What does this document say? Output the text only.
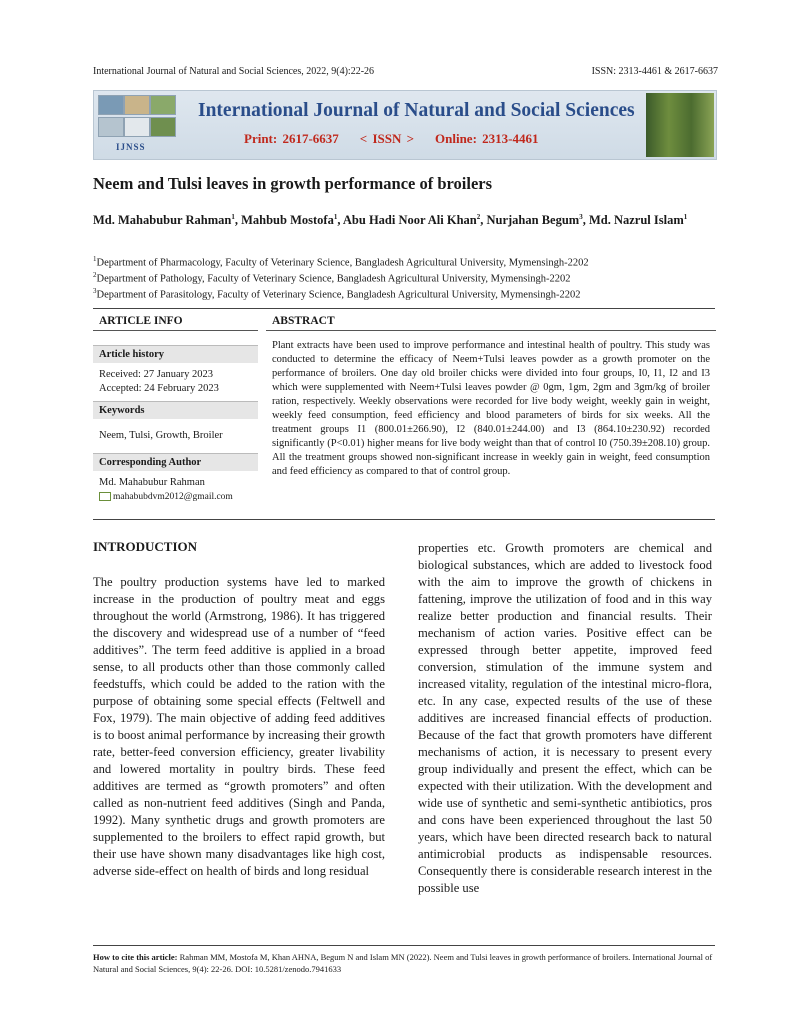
International Journal of Natural and Social Sciences, 2022, 9(4):22-26	ISSN: 2313-4461 & 2617-6637
IJNSS
International Journal of Natural and Social Sciences
Print: 2617-6637    < ISSN >    Online: 2313-4461
Neem and Tulsi leaves in growth performance of broilers
Md. Mahabubur Rahman$^1$, Mahbub Mostofa$^1$, Abu Hadi Noor Ali Khan$^2$, Nurjahan Begum$^3$, Md. Nazrul Islam$^1$
$^1$Department of Pharmacology, Faculty of Veterinary Science, Bangladesh Agricultural University, Mymensingh-2202
$^2$Department of Pathology, Faculty of Veterinary Science, Bangladesh Agricultural University, Mymensingh-2202
$^3$Department of Parasitology, Faculty of Veterinary Science, Bangladesh Agricultural University, Mymensingh-2202
ARTICLE INFO
Article history
Received: 27 January 2023
Accepted: 24 February 2023
Keywords
Neem, Tulsi, Growth, Broiler
Corresponding Author
Md. Mahabubur Rahman
mahabubdvm2012@gmail.com
ABSTRACT
Plant extracts have been used to improve performance and intestinal health of poultry. This study was conducted to determine the efficacy of Neem+Tulsi leaves powder as a growth promoter on the performance of broilers. One day old broiler chicks were divided into four groups, I0, I1, I2 and I3 which were supplemented with Neem+Tulsi leaves powder @ 0gm, 1gm, 2gm and 3gm/kg of broiler ration, respectively. Weekly observations were recorded for live body weight, weekly gain in weight, weekly feed consumption, feed efficiency and blood parameters of birds for six weeks. All the treatment groups I1 (800.01±266.90), I2 (840.01±244.00) and I3 (864.10±230.92) recorded significantly (P<0.01) higher means for live body weight than that of control I0 (750.39±208.10) group. All the treatment groups showed non-significant increase in weekly gain in weight, feed consumption and feed efficiency as compared to that of control group.
INTRODUCTION
The poultry production systems have led to marked increase in the production of poultry meat and eggs throughout the world (Armstrong, 1986). It has triggered the discovery and widespread use of a number of “feed additives”. The term feed additive is applied in a broad sense, to all products other than those commonly called feedstuffs, which could be added to the ration with the purpose of obtaining some special effects (Feltwell and Fox, 1979). The main objective of adding feed additives is to boost animal performance by increasing their growth rate, better-feed conversion efficiency, greater livability and lowered mortality in poultry birds. These feed additives are termed as “growth promoters” and often called as non-nutrient feed additives (Singh and Panda, 1992). Many synthetic drugs and growth promoters are supplemented to the broilers to effect rapid growth, but their use have shown many disadvantages like high cost, adverse side-effect on health of birds and long residual
properties etc. Growth promoters are chemical and biological substances, which are added to livestock food with the aim to improve the growth of chickens in fattening, improve the utilization of food and in this way realize better production and financial results. Their mechanism of action varies. Positive effect can be expressed through better appetite, improved feed conversion, stimulation of the immune system and increased vitality, regulation of the intestinal micro-flora, etc. In any case, expected results of the use of these additives are increased financial effects of production. Because of the fact that growth promoters have different mechanisms of action, it is necessary to present every group individually and present the effect, which can be expected with their utilization. With the development and wide use of synthetic and semi-synthetic antibiotics, pros and cons have been experienced throughout the last 50 years, which have been directed research back to natural antimicrobial products as indispensable resources. Consequently there is considerable research interest in the possible use
How to cite this article: Rahman MM, Mostofa M, Khan AHNA, Begum N and Islam MN (2022). Neem and Tulsi leaves in growth performance of broilers. International Journal of Natural and Social Sciences, 9(4): 22-26. DOI: 10.5281/zenodo.7941633
